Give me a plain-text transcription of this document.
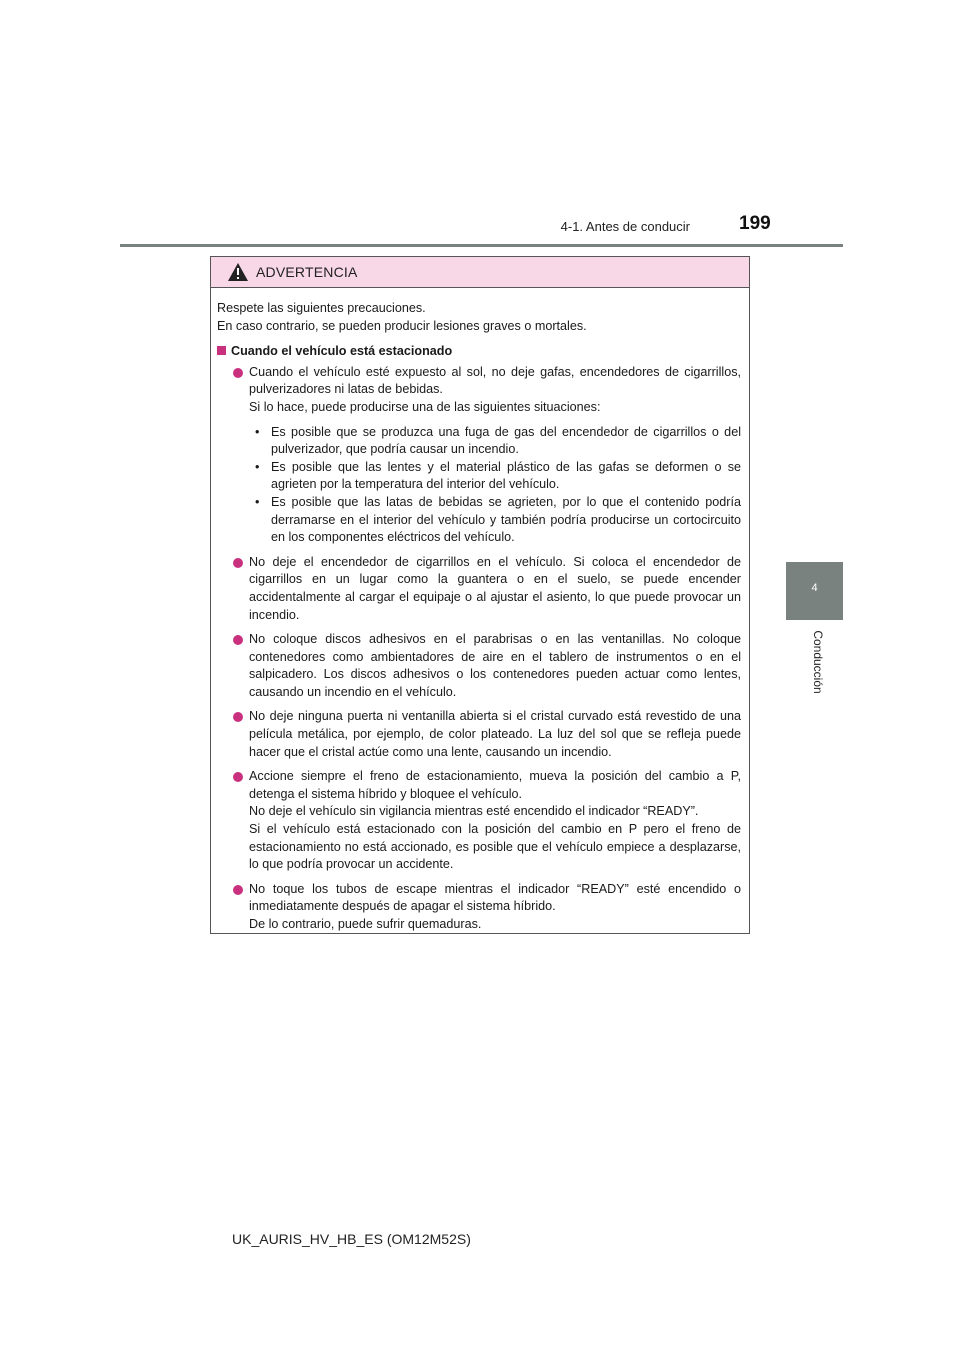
4-1. Antes de conducir	199
4
Conducción
ADVERTENCIA

Respete las siguientes precauciones.

En caso contrario, se pueden producir lesiones graves o mortales.

Cuando el vehículo está estacionado

Cuando el vehículo esté expuesto al sol, no deje gafas, encendedores de cigarrillos, pulverizadores ni latas de bebidas.

Si lo hace, puede producirse una de las siguientes situaciones:

• Es posible que se produzca una fuga de gas del encendedor de cigarrillos o del pulverizador, que podría causar un incendio.
• Es posible que las lentes y el material plástico de las gafas se deformen o se agrieten por la temperatura del interior del vehículo.
• Es posible que las latas de bebidas se agrieten, por lo que el contenido podría derramarse en el interior del vehículo y también podría producirse un cortocircuito en los componentes eléctricos del vehículo.

No deje el encendedor de cigarrillos en el vehículo. Si coloca el encendedor de cigarrillos en un lugar como la guantera o en el suelo, se puede encender accidentalmente al cargar el equipaje o al ajustar el asiento, lo que puede provocar un incendio.

No coloque discos adhesivos en el parabrisas o en las ventanillas. No coloque contenedores como ambientadores de aire en el tablero de instrumentos o en el salpicadero. Los discos adhesivos o los contenedores pueden actuar como lentes, causando un incendio en el vehículo.

No deje ninguna puerta ni ventanilla abierta si el cristal curvado está revestido de una película metálica, por ejemplo, de color plateado. La luz del sol que se refleja puede hacer que el cristal actúe como una lente, causando un incendio.

Accione siempre el freno de estacionamiento, mueva la posición del cambio a P, detenga el sistema híbrido y bloquee el vehículo.

No deje el vehículo sin vigilancia mientras esté encendido el indicador “READY”.

Si el vehículo está estacionado con la posición del cambio en P pero el freno de estacionamiento no está accionado, es posible que el vehículo empiece a desplazarse, lo que podría provocar un accidente.

No toque los tubos de escape mientras el indicador “READY” esté encendido o inmediatamente después de apagar el sistema híbrido.

De lo contrario, puede sufrir quemaduras.

UK_AURIS_HV_HB_ES (OM12M52S)
